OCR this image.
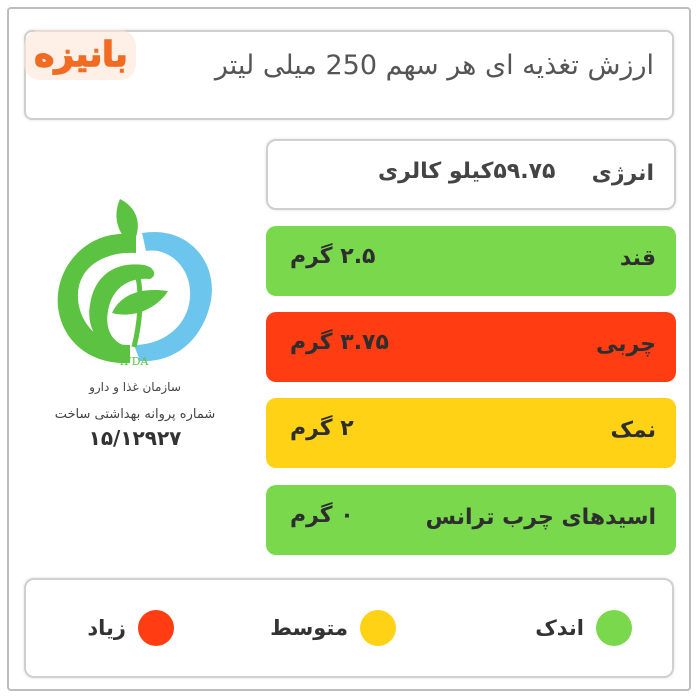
بانیزه	ارزش تغذیه ای هر سهم 250 میلی لیتر
انرژی
۵۹.۷۵کیلو کالری
قند
۲.۵ گرم
چربی
۳.۷۵ گرم
نمک
۲ گرم
اسیدهای چرب ترانس
۰ گرم
IFDA
سازمان غذا و دارو
شماره پروانه بهداشتی ساخت
۱۵/۱۲۹۲۷
اندک
متوسط
زیاد
